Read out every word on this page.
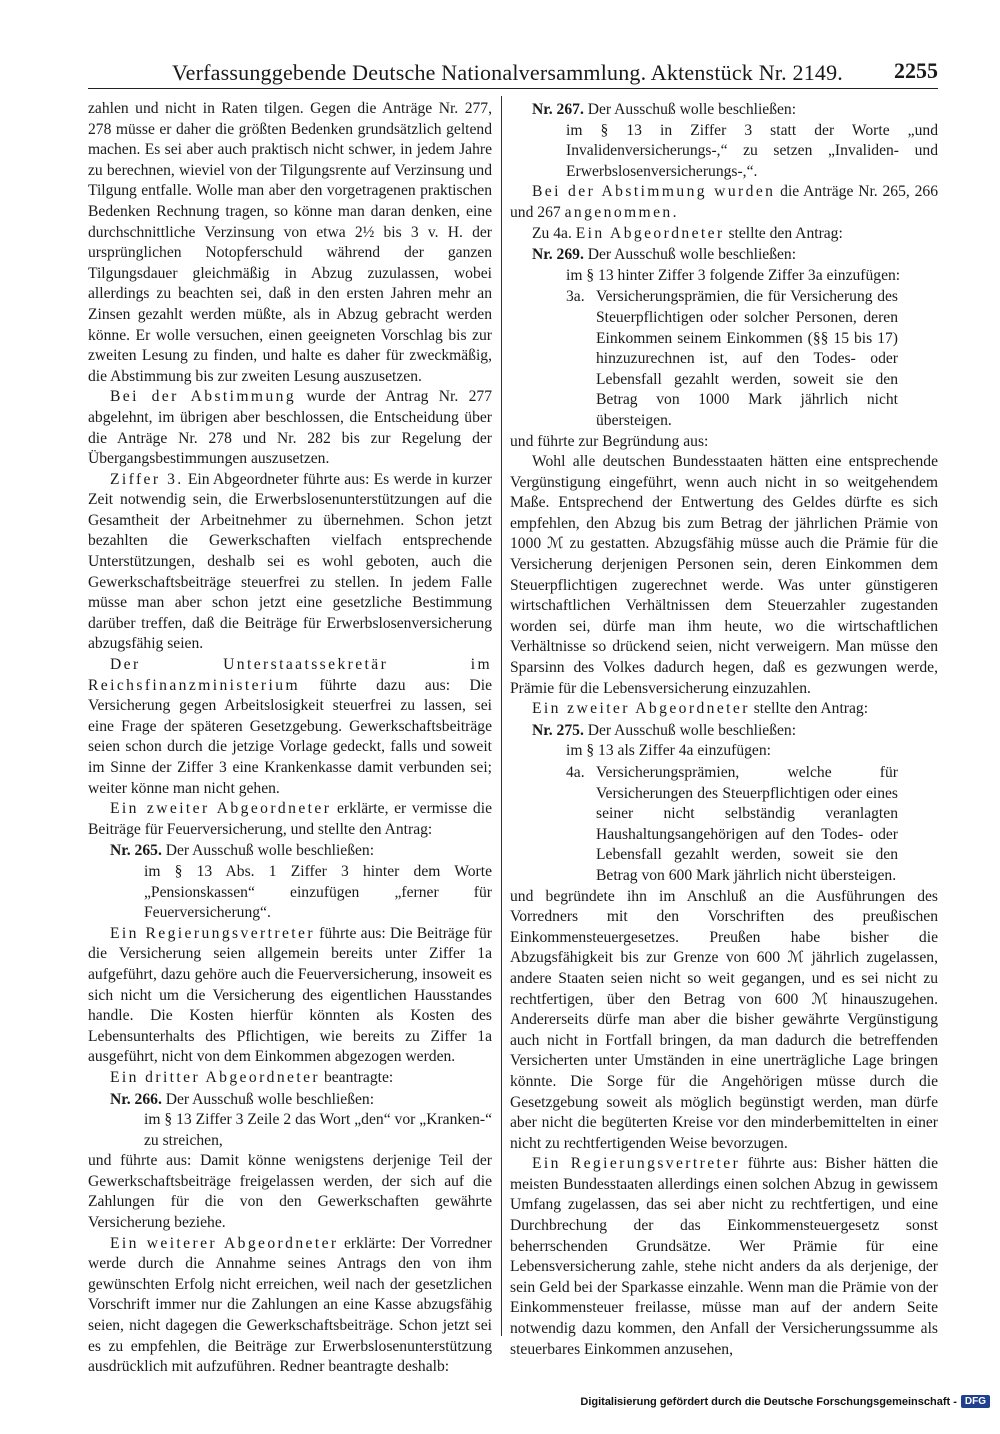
Verfassunggebende Deutsche Nationalversammlung. Aktenstück Nr. 2149. 2255

zahlen und nicht in Raten tilgen. Gegen die Anträge Nr. 277, 278 müsse er daher die größten Bedenken grundsätzlich geltend machen. Es sei aber auch praktisch nicht schwer, in jedem Jahre zu berechnen, wieviel von der Tilgungsrente auf Verzinsung und Tilgung entfalle. Wolle man aber den vorgetragenen praktischen Bedenken Rechnung tragen, so könne man daran denken, eine durchschnittliche Verzinsung von etwa 2½ bis 3 v. H. der ursprünglichen Notopferschuld während der ganzen Tilgungsdauer gleichmäßig in Abzug zuzulassen, wobei allerdings zu beachten sei, daß in den ersten Jahren mehr an Zinsen gezahlt werden müßte, als in Abzug gebracht werden könne. Er wolle versuchen, einen geeigneten Vorschlag bis zur zweiten Lesung zu finden, und halte es daher für zweckmäßig, die Abstimmung bis zur zweiten Lesung auszusetzen.

Bei der Abstimmung wurde der Antrag Nr. 277 abgelehnt, im übrigen aber beschlossen, die Entscheidung über die Anträge Nr. 278 und Nr. 282 bis zur Regelung der Übergangsbestimmungen auszusetzen.

Ziffer 3. Ein Abgeordneter führte aus: Es werde in kurzer Zeit notwendig sein, die Erwerbslosenunterstützungen auf die Gesamtheit der Arbeitnehmer zu übernehmen. Schon jetzt bezahlten die Gewerkschaften vielfach entsprechende Unterstützungen, deshalb sei es wohl geboten, auch die Gewerkschaftsbeiträge steuerfrei zu stellen. In jedem Falle müsse man aber schon jetzt eine gesetzliche Bestimmung darüber treffen, daß die Beiträge für Erwerbslosenversicherung abzugsfähig seien.

Der Unterstaatssekretär im Reichsfinanzministerium führte dazu aus: Die Versicherung gegen Arbeitslosigkeit steuerfrei zu lassen, sei eine Frage der späteren Gesetzgebung. Gewerkschaftsbeiträge seien schon durch die jetzige Vorlage gedeckt, falls und soweit im Sinne der Ziffer 3 eine Krankenkasse damit verbunden sei; weiter könne man nicht gehen.

Ein zweiter Abgeordneter erklärte, er vermisse die Beiträge für Feuerversicherung, und stellte den Antrag:

Nr. 265. Der Ausschuß wolle beschließen:
im § 13 Abs. 1 Ziffer 3 hinter dem Worte „Pensionskassen“ einzufügen „ferner für Feuerversicherung“.

Ein Regierungsvertreter führte aus: Die Beiträge für die Versicherung seien allgemein bereits unter Ziffer 1a aufgeführt, dazu gehöre auch die Feuerversicherung, insoweit es sich nicht um die Versicherung des eigentlichen Hausstandes handle. Die Kosten hierfür könnten als Kosten des Lebensunterhalts des Pflichtigen, wie bereits zu Ziffer 1a ausgeführt, nicht von dem Einkommen abgezogen werden.

Ein dritter Abgeordneter beantragte:

Nr. 266. Der Ausschuß wolle beschließen:
im § 13 Ziffer 3 Zeile 2 das Wort „den“ vor „Kranken-“ zu streichen,

und führte aus: Damit könne wenigstens derjenige Teil der Gewerkschaftsbeiträge freigelassen werden, der sich auf die Zahlungen für die von den Gewerkschaften gewährte Versicherung beziehe.

Ein weiterer Abgeordneter erklärte: Der Vorredner werde durch die Annahme seines Antrags den von ihm gewünschten Erfolg nicht erreichen, weil nach der gesetzlichen Vorschrift immer nur die Zahlungen an eine Kasse abzugsfähig seien, nicht dagegen die Gewerkschaftsbeiträge. Schon jetzt sei es zu empfehlen, die Beiträge zur Erwerbslosenunterstützung ausdrücklich mit aufzuführen. Redner beantragte deshalb:

Nr. 267. Der Ausschuß wolle beschließen:
im § 13 in Ziffer 3 statt der Worte „und Invalidenversicherungs-,“ zu setzen „Invaliden- und Erwerbslosenversicherungs-,“.

Bei der Abstimmung wurden die Anträge Nr. 265, 266 und 267 angenommen.

Zu 4a. Ein Abgeordneter stellte den Antrag:

Nr. 269. Der Ausschuß wolle beschließen:
im § 13 hinter Ziffer 3 folgende Ziffer 3a einzufügen:
3a. Versicherungsprämien, die für Versicherung des Steuerpflichtigen oder solcher Personen, deren Einkommen seinem Einkommen (§§ 15 bis 17) hinzuzurechnen ist, auf den Todes- oder Lebensfall gezahlt werden, soweit sie den Betrag von 1000 Mark jährlich nicht übersteigen.

und führte zur Begründung aus:

Wohl alle deutschen Bundesstaaten hätten eine entsprechende Vergünstigung eingeführt, wenn auch nicht in so weitgehendem Maße. Entsprechend der Entwertung des Geldes dürfte es sich empfehlen, den Abzug bis zum Betrag der jährlichen Prämie von 1000 ℳ zu gestatten. Abzugsfähig müsse auch die Prämie für die Versicherung derjenigen Personen sein, deren Einkommen dem Steuerpflichtigen zugerechnet werde. Was unter günstigeren wirtschaftlichen Verhältnissen dem Steuerzahler zugestanden worden sei, dürfe man ihm heute, wo die wirtschaftlichen Verhältnisse so drückend seien, nicht verweigern. Man müsse den Sparsinn des Volkes dadurch hegen, daß es gezwungen werde, Prämie für die Lebensversicherung einzuzahlen.

Ein zweiter Abgeordneter stellte den Antrag:

Nr. 275. Der Ausschuß wolle beschließen:
im § 13 als Ziffer 4a einzufügen:
4a. Versicherungsprämien, welche für Versicherungen des Steuerpflichtigen oder eines seiner nicht selbständig veranlagten Haushaltungsangehörigen auf den Todes- oder Lebensfall gezahlt werden, soweit sie den Betrag von 600 Mark jährlich nicht übersteigen.

und begründete ihn im Anschluß an die Ausführungen des Vorredners mit den Vorschriften des preußischen Einkommensteuergesetzes. Preußen habe bisher die Abzugsfähigkeit bis zur Grenze von 600 ℳ jährlich zugelassen, andere Staaten seien nicht so weit gegangen, und es sei nicht zu rechtfertigen, über den Betrag von 600 ℳ hinauszugehen. Andererseits dürfe man aber die bisher gewährte Vergünstigung auch nicht in Fortfall bringen, da man dadurch die betreffenden Versicherten unter Umständen in eine unerträgliche Lage bringen könnte. Die Sorge für die Angehörigen müsse durch die Gesetzgebung soweit als möglich begünstigt werden, man dürfe aber nicht die begüterten Kreise vor den minderbemittelten in einer nicht zu rechtfertigenden Weise bevorzugen.

Ein Regierungsvertreter führte aus: Bisher hätten die meisten Bundesstaaten allerdings einen solchen Abzug in gewissem Umfang zugelassen, das sei aber nicht zu rechtfertigen, und eine Durchbrechung der das Einkommensteuergesetz sonst beherrschenden Grundsätze. Wer Prämie für eine Lebensversicherung zahle, stehe nicht anders da als derjenige, der sein Geld bei der Sparkasse einzahle. Wenn man die Prämie von der Einkommensteuer freilasse, müsse man auf der andern Seite notwendig dazu kommen, den Anfall der Versicherungssumme als steuerbares Einkommen anzusehen,

Digitalisierung gefördert durch die Deutsche Forschungsgemeinschaft - DFG
